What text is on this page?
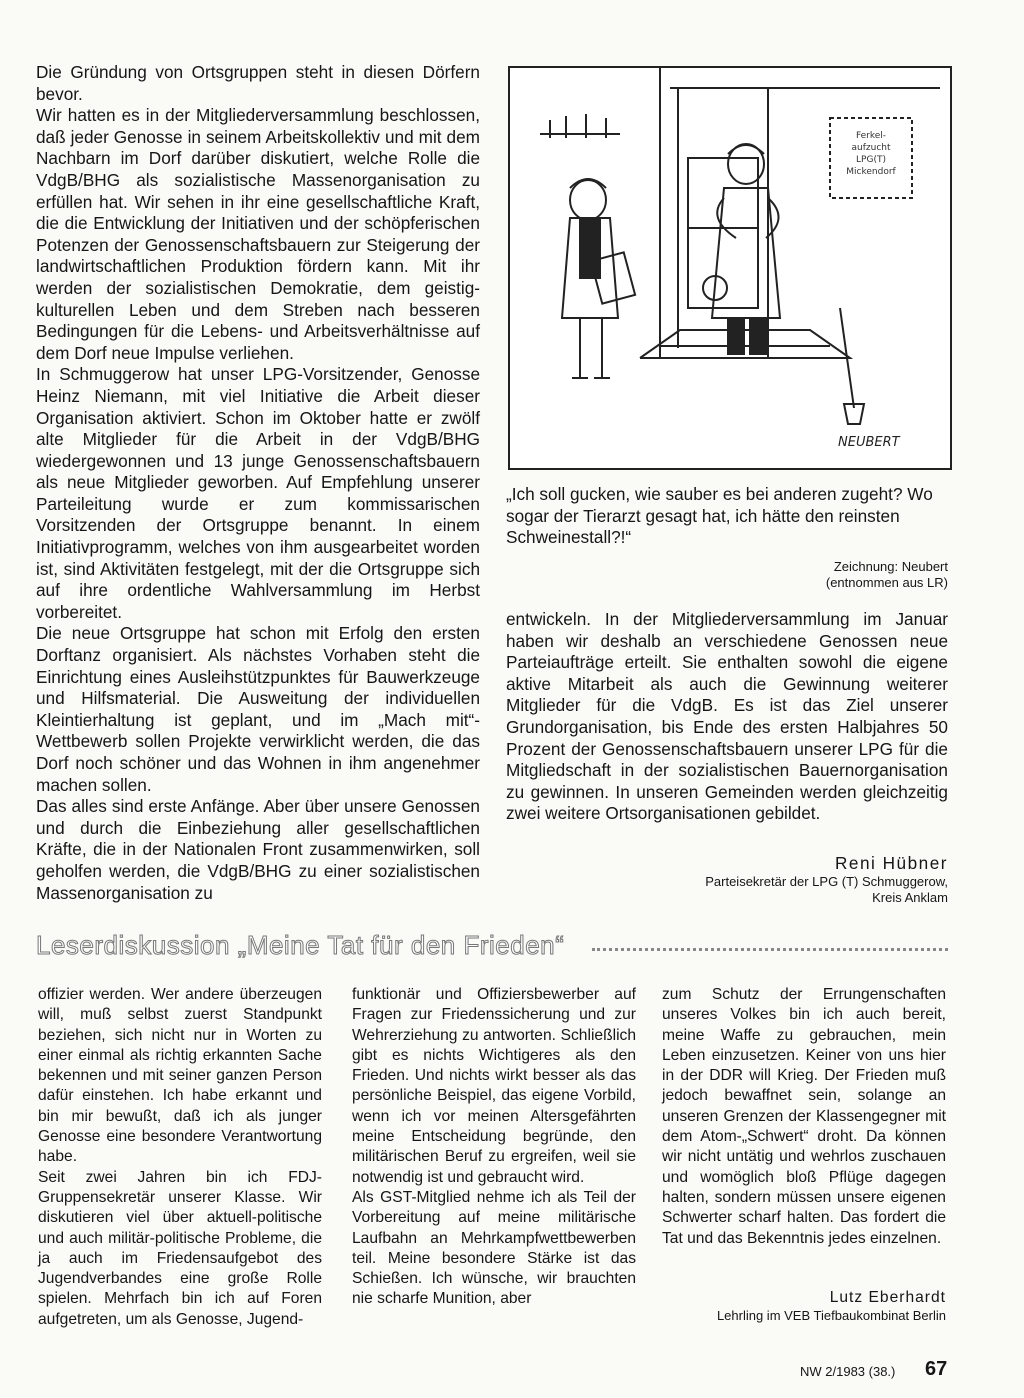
Die Gründung von Ortsgruppen steht in diesen Dörfern bevor.

Wir hatten es in der Mitgliederversammlung beschlossen, daß jeder Genosse in seinem Arbeitskollektiv und mit dem Nachbarn im Dorf darüber diskutiert, welche Rolle die VdgB/BHG als sozialistische Massenorganisation zu erfüllen hat. Wir sehen in ihr eine gesellschaftliche Kraft, die die Entwicklung der Initiativen und der schöpferischen Potenzen der Genossenschaftsbauern zur Steigerung der landwirtschaftlichen Produktion fördern kann. Mit ihr werden der sozialistischen Demokratie, dem geistig-kulturellen Leben und dem Streben nach besseren Bedingungen für die Lebens- und Arbeitsverhältnisse auf dem Dorf neue Impulse verliehen.

In Schmuggerow hat unser LPG-Vorsitzender, Genosse Heinz Niemann, mit viel Initiative die Arbeit dieser Organisation aktiviert. Schon im Oktober hatte er zwölf alte Mitglieder für die Arbeit in der VdgB/BHG wiedergewonnen und 13 junge Genossenschaftsbauern als neue Mitglieder geworben. Auf Empfehlung unserer Parteileitung wurde er zum kommissarischen Vorsitzenden der Ortsgruppe benannt. In einem Initiativprogramm, welches von ihm ausgearbeitet worden ist, sind Aktivitäten festgelegt, mit der die Ortsgruppe sich auf ihre ordentliche Wahlversammlung im Herbst vorbereitet.

Die neue Ortsgruppe hat schon mit Erfolg den ersten Dorftanz organisiert. Als nächstes Vorhaben steht die Einrichtung eines Ausleihstützpunktes für Bauwerkzeuge und Hilfsmaterial. Die Ausweitung der individuellen Kleintierhaltung ist geplant, und im „Mach mit“-Wettbewerb sollen Projekte verwirklicht werden, die das Dorf noch schöner und das Wohnen in ihm angenehmer machen sollen.

Das alles sind erste Anfänge. Aber über unsere Genossen und durch die Einbeziehung aller gesellschaftlichen Kräfte, die in der Nationalen Front zusammenwirken, soll geholfen werden, die VdgB/BHG zu einer sozialistischen Massenorganisation zu

Ferkel-aufzucht LPG(T) Mickendorf
NEUBERT
„Ich soll gucken, wie sauber es bei anderen zugeht? Wo sogar der Tierarzt gesagt hat, ich hätte den reinsten Schweinestall?!“
Zeichnung: Neubert
(entnommen aus LR)

entwickeln. In der Mitgliederversammlung im Januar haben wir deshalb an verschiedene Genossen neue Parteiaufträge erteilt. Sie enthalten sowohl die eigene aktive Mitarbeit als auch die Gewinnung weiterer Mitglieder für die VdgB. Es ist das Ziel unserer Grundorganisation, bis Ende des ersten Halbjahres 50 Prozent der Genossenschaftsbauern unserer LPG für die Mitgliedschaft in der sozialistischen Bauernorganisation zu gewinnen. In unseren Gemeinden werden gleichzeitig zwei weitere Ortsorganisationen gebildet.

Reni Hübner
Parteisekretär der LPG (T) Schmuggerow,
Kreis Anklam
Leserdiskussion „Meine Tat für den Frieden“

offizier werden. Wer andere überzeugen will, muß selbst zuerst Standpunkt beziehen, sich nicht nur in Worten zu einer einmal als richtig erkannten Sache bekennen und mit seiner ganzen Person dafür einstehen. Ich habe erkannt und bin mir bewußt, daß ich als junger Genosse eine besondere Verantwortung habe.

Seit zwei Jahren bin ich FDJ-Gruppensekretär unserer Klasse. Wir diskutieren viel über aktuell-politische und auch militär-politische Probleme, die ja auch im Friedensaufgebot des Jugendverbandes eine große Rolle spielen. Mehrfach bin ich auf Foren aufgetreten, um als Genosse, Jugend-

funktionär und Offiziersbewerber auf Fragen zur Friedenssicherung und zur Wehrerziehung zu antworten. Schließlich gibt es nichts Wichtigeres als den Frieden. Und nichts wirkt besser als das persönliche Beispiel, das eigene Vorbild, wenn ich vor meinen Altersgefährten meine Entscheidung begründe, den militärischen Beruf zu ergreifen, weil sie notwendig ist und gebraucht wird.

Als GST-Mitglied nehme ich als Teil der Vorbereitung auf meine militärische Laufbahn an Mehrkampfwettbewerben teil. Meine besondere Stärke ist das Schießen. Ich wünsche, wir brauchten nie scharfe Munition, aber

zum Schutz der Errungenschaften unseres Volkes bin ich auch bereit, meine Waffe zu gebrauchen, mein Leben einzusetzen. Keiner von uns hier in der DDR will Krieg. Der Frieden muß jedoch bewaffnet sein, solange an unseren Grenzen der Klassengegner mit dem Atom-„Schwert“ droht. Da können wir nicht untätig und wehrlos zuschauen und womöglich bloß Pflüge dagegen halten, sondern müssen unsere eigenen Schwerter scharf halten. Das fordert die Tat und das Bekenntnis jedes einzelnen.

Lutz Eberhardt
Lehrling im VEB Tiefbaukombinat Berlin
NW 2/1983 (38.) 67
